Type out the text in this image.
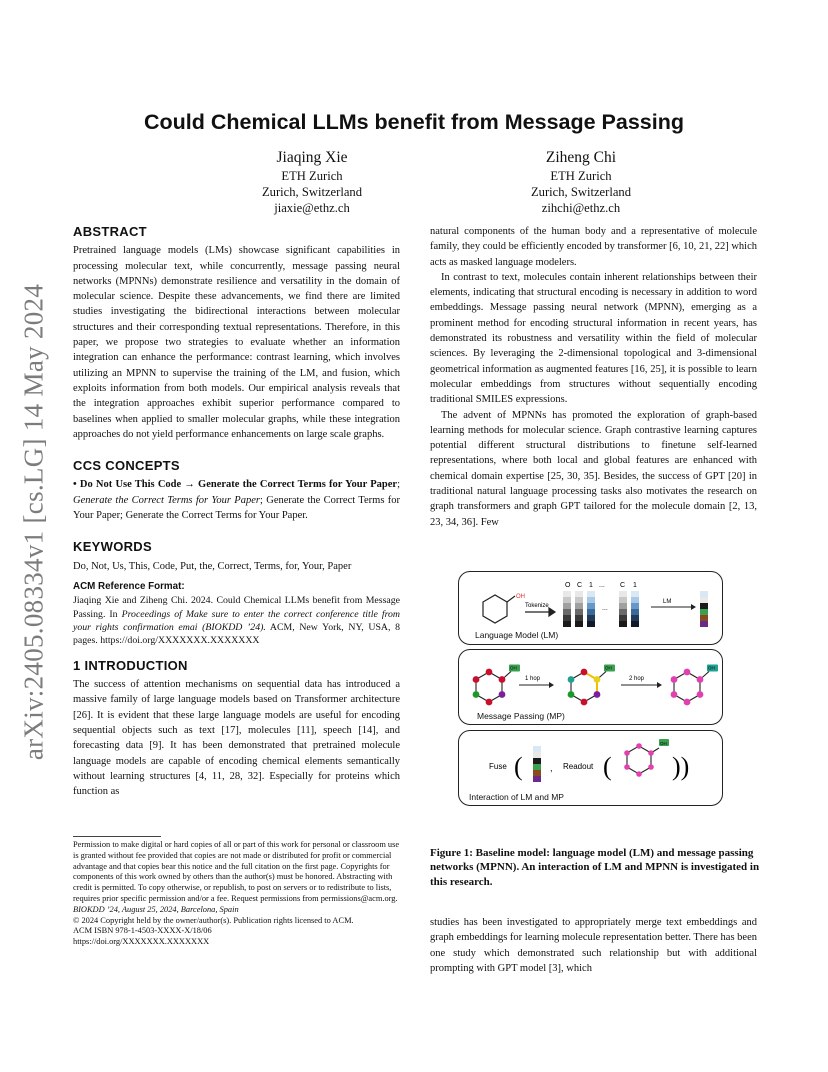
arXiv:2405.08334v1 [cs.LG] 14 May 2024
Could Chemical LLMs benefit from Message Passing
Jiaqing Xie
ETH Zurich
Zurich, Switzerland
jiaxie@ethz.ch
Ziheng Chi
ETH Zurich
Zurich, Switzerland
zihchi@ethz.ch
ABSTRACT

Pretrained language models (LMs) showcase significant capabilities in processing molecular text, while concurrently, message passing neural networks (MPNNs) demonstrate resilience and versatility in the domain of molecular science. Despite these advancements, we find there are limited studies investigating the bidirectional interactions between molecular structures and their corresponding textual representations. Therefore, in this paper, we propose two strategies to evaluate whether an information integration can enhance the performance: contrast learning, which involves utilizing an MPNN to supervise the training of the LM, and fusion, which exploits information from both models. Our empirical analysis reveals that the integration approaches exhibit superior performance compared to baselines when applied to smaller molecular graphs, while these integration approaches do not yield performance enhancements on large scale graphs.

CCS CONCEPTS

• Do Not Use This Code → Generate the Correct Terms for Your Paper; Generate the Correct Terms for Your Paper; Generate the Correct Terms for Your Paper; Generate the Correct Terms for Your Paper.

KEYWORDS

Do, Not, Us, This, Code, Put, the, Correct, Terms, for, Your, Paper

ACM Reference Format:

Jiaqing Xie and Ziheng Chi. 2024. Could Chemical LLMs benefit from Message Passing. In Proceedings of Make sure to enter the correct conference title from your rights confirmation emai (BIOKDD ’24). ACM, New York, NY, USA, 8 pages. https://doi.org/XXXXXXX.XXXXXXX

1 INTRODUCTION

The success of attention mechanisms on sequential data has introduced a massive family of large language models based on Transformer architecture [26]. It is evident that these large language models are useful for encoding sequential objects such as text [17], molecules [11], speech [14], and forecasting data [9]. It has been demonstrated that pretrained molecule language models are capable of encoding chemical elements semantically without learning structures [4, 11, 28, 32]. Especially for proteins which function as

Permission to make digital or hard copies of all or part of this work for personal or classroom use is granted without fee provided that copies are not made or distributed for profit or commercial advantage and that copies bear this notice and the full citation on the first page. Copyrights for components of this work owned by others than the author(s) must be honored. Abstracting with credit is permitted. To copy otherwise, or republish, to post on servers or to redistribute to lists, requires prior specific permission and/or a fee. Request permissions from permissions@acm.org.
BIOKDD ’24, August 25, 2024, Barcelona, Spain
© 2024 Copyright held by the owner/author(s). Publication rights licensed to ACM.
ACM ISBN 978-1-4503-XXXX-X/18/06
https://doi.org/XXXXXXX.XXXXXXX

natural components of the human body and a representative of molecule family, they could be efficiently encoded by transformer [6, 10, 21, 22] which acts as masked language modelers.

In contrast to text, molecules contain inherent relationships between their elements, indicating that structural encoding is necessary in addition to word embeddings. Message passing neural network (MPNN), emerging as a prominent method for encoding structural information in recent years, has demonstrated its robustness and versatility within the field of molecular sciences. By leveraging the 2-dimensional topological and 3-dimensional geometrical information as augmented features [16, 25], it is possible to learn molecular embeddings from structures without sequentially encoding traditional SMILES expressions.

The advent of MPNNs has promoted the exploration of graph-based learning methods for molecular science. Graph contrastive learning captures potential different structural distributions to finetune self-learned representations, where both local and global features are enhanced with chemical domain expertise [25, 30, 35]. Besides, the success of GPT [20] in traditional natural language processing tasks also motivates the research on graph transformers and graph GPT tailored for the molecule domain [2, 13, 23, 34, 36]. Few

OH
Tokenize
O C 1 ... C 1
...
LM
Language Model (LM)
OH	OH	OH
1 hop	2 hop
Message Passing (MP)
Fuse (	, Readout (
OH
))
Interaction of LM and MP
Figure 1: Baseline model: language model (LM) and message passing networks (MPNN). An interaction of LM and MPNN is investigated in this research.

studies has been investigated to appropriately merge text embeddings and graph embeddings for learning molecule representation better. There has been one study which demonstrated such relationship but with additional prompting with GPT model [3], which
